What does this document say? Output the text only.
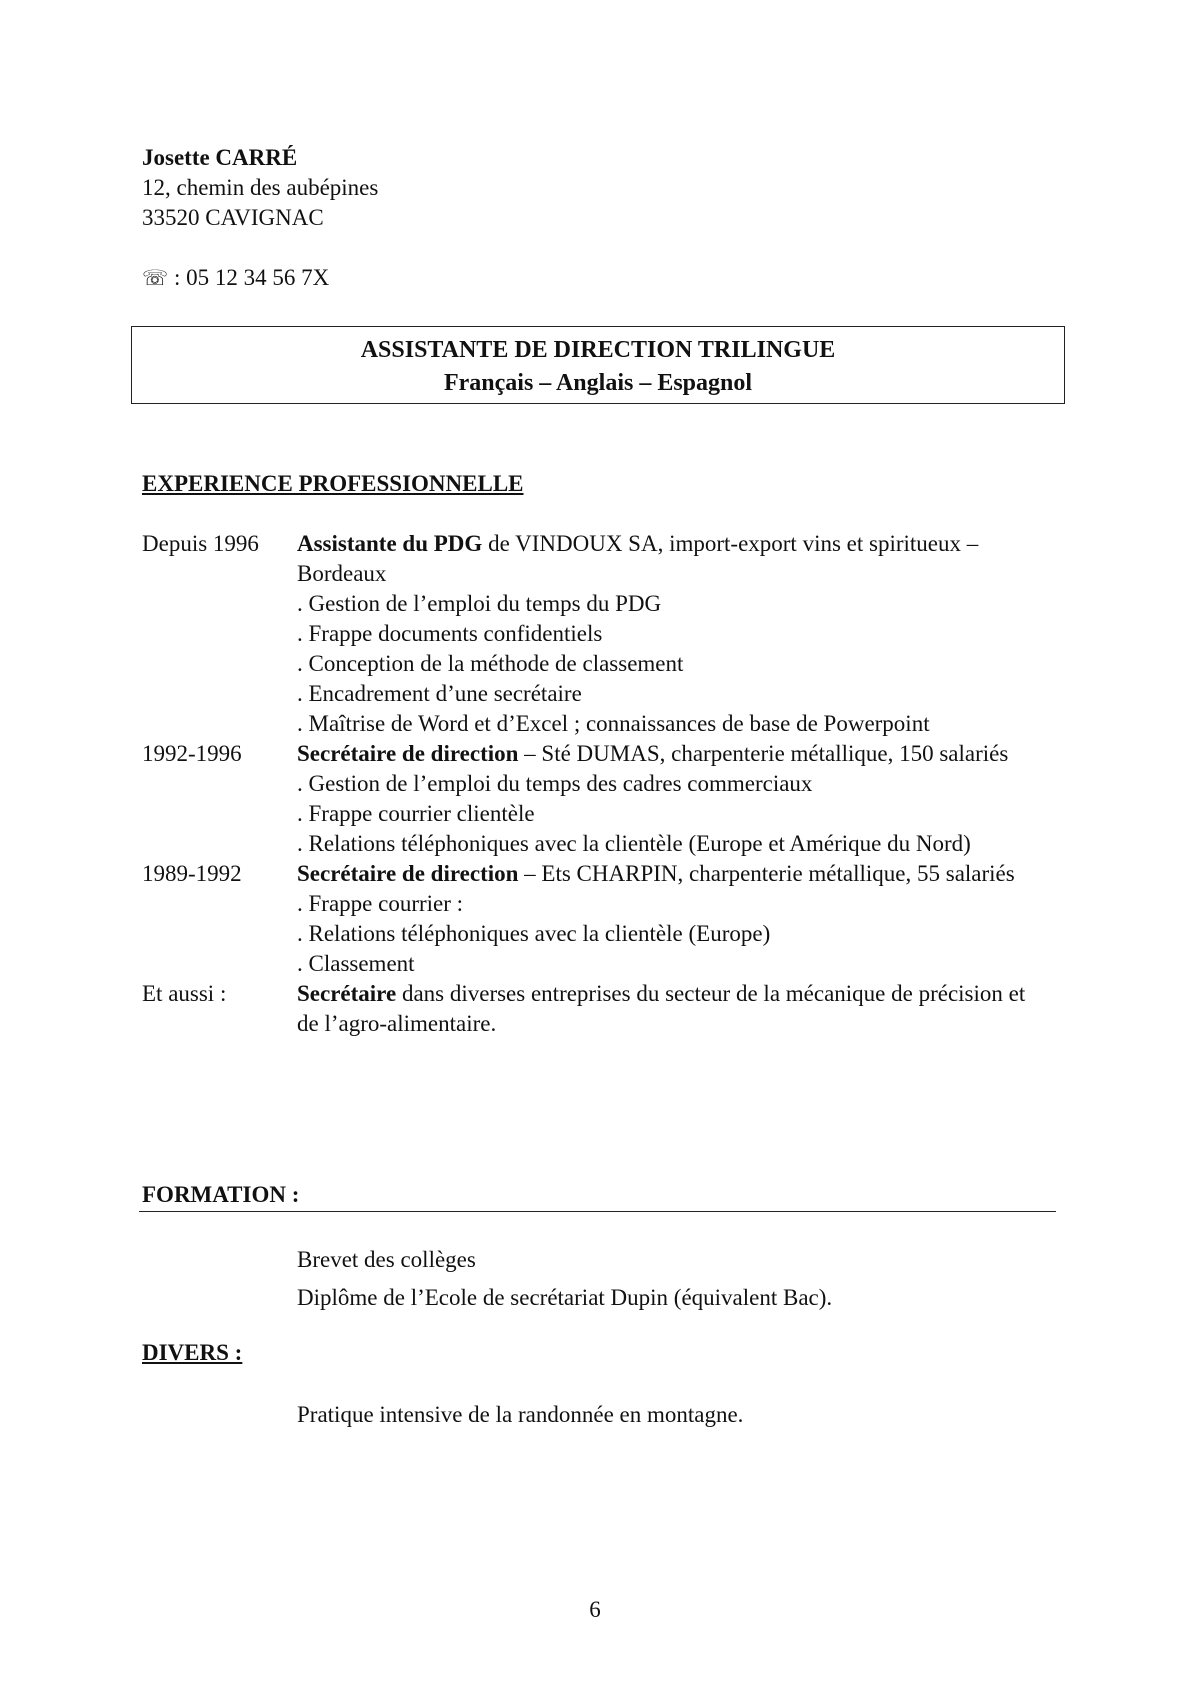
Josette CARRÉ
12, chemin des aubépines
33520 CAVIGNAC
☏ : 05 12 34 56 7X
ASSISTANTE DE DIRECTION TRILINGUE
Français – Anglais – Espagnol
EXPERIENCE PROFESSIONNELLE
Depuis 1996	Assistante du PDG de VINDOUX SA, import-export vins et spiritueux – Bordeaux
. Gestion de l’emploi du temps du PDG
. Frappe documents confidentiels
. Conception de la méthode de classement
. Encadrement d’une secrétaire
. Maîtrise de Word et d’Excel ; connaissances de base de Powerpoint
1992-1996	Secrétaire de direction – Sté DUMAS, charpenterie métallique, 150 salariés
. Gestion de l’emploi du temps des cadres commerciaux
. Frappe courrier clientèle
. Relations téléphoniques avec la clientèle (Europe et Amérique du Nord)
1989-1992	Secrétaire de direction – Ets CHARPIN, charpenterie métallique, 55 salariés
. Frappe courrier :
. Relations téléphoniques avec la clientèle (Europe)
. Classement
Et aussi :	Secrétaire dans diverses entreprises du secteur de la mécanique de précision et de l’agro-alimentaire.
FORMATION :
Brevet des collèges
Diplôme de l’Ecole de secrétariat Dupin (équivalent Bac).
DIVERS :
Pratique intensive de la randonnée en montagne.
6
